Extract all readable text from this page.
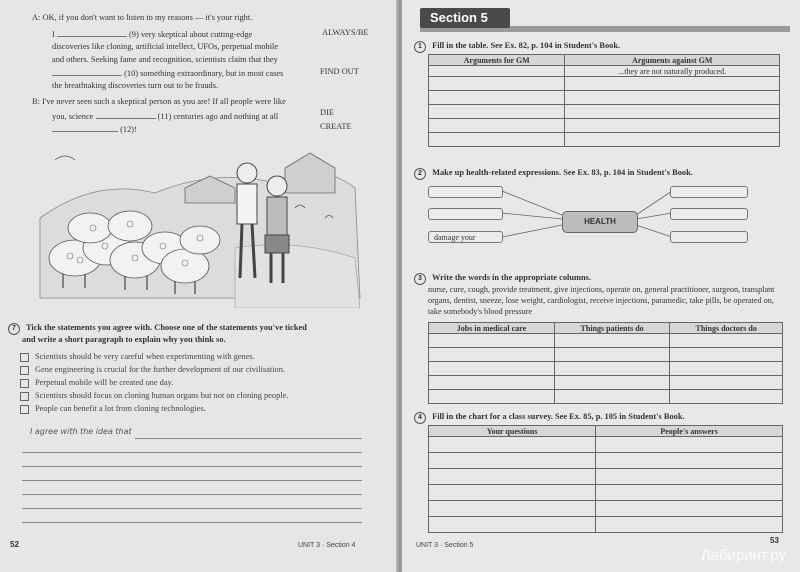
A: OK, if you don't want to listen to my reasons — it's your right.
I	(9) very skeptical about cutting-edge
discoveries like cloning, artificial intellect, UFOs, perpetual mobile
and others. Seeking fame and recognition, scientists claim that they
(10) something extraordinary, but in most cases
the breathtaking discoveries turn out to be frauds.
B: I've never seen such a skeptical person as you are! If all people were like
you, science	(11) centuries ago and nothing at all
(12)!
ALWAYS/BE
FIND OUT
DIE
CREATE
7 Tick the statements you agree with. Choose one of the statements you've ticked
and write a short paragraph to explain why you think so.
Scientists should be very careful when experimenting with genes.
Gene engineering is crucial for the further development of our civilisation.
Perpetual mobile will be created one day.
Scientists should focus on cloning human organs but not on cloning people.
People can benefit a lot from cloning technologies.
I agree with the idea that
52	UNIT 3 · Section 4
Section 5
1 Fill in the table. See Ex. 82, p. 104 in Student's Book.
Arguments for GM	Arguments against GM
	...they are not naturally produced.

2 Make up health-related expressions. See Ex. 83, p. 104 in Student's Book.
damage your
HEALTH
3 Write the words in the appropriate columns.
nurse, cure, cough, provide treatment, give injections, operate on, general practitioner, surgeon, transplant organs, dentist, sneeze, lose weight, cardiologist, receive injections, paramedic, take pills, be operated on, take somebody's blood pressure
Jobs in medical care	Things patients do	Things doctors do

4 Fill in the chart for a class survey. See Ex. 85, p. 105 in Student's Book.
Your questions	People's answers

UNIT 3 · Section 5
53
Лабиринт.ру
